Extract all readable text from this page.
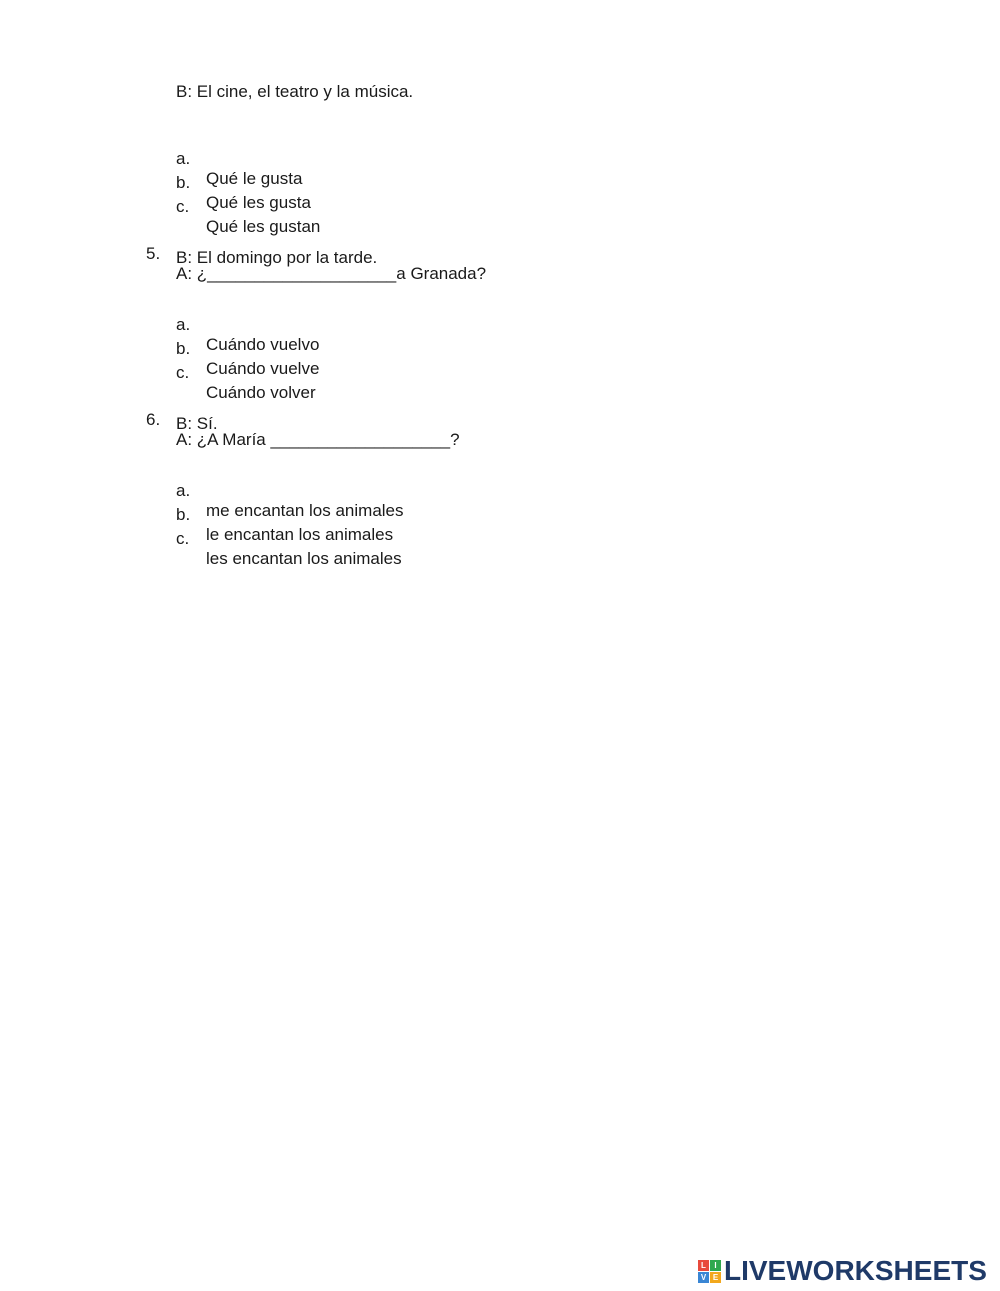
B: El cine, el teatro y la música.

a.

Qué le gusta

b.

Qué les gusta

c.

Qué les gustan

5.

A: ¿____________________a Granada?

B: El domingo por la tarde.

a.

Cuándo vuelvo

b.

Cuándo vuelve

c.

Cuándo volver

6.

A: ¿A María ___________________?

B: Sí.

a.

me encantan los animales

b.

le encantan los animales

c.

les encantan los animales

L	I
V E LIVEWORKSHEETS
